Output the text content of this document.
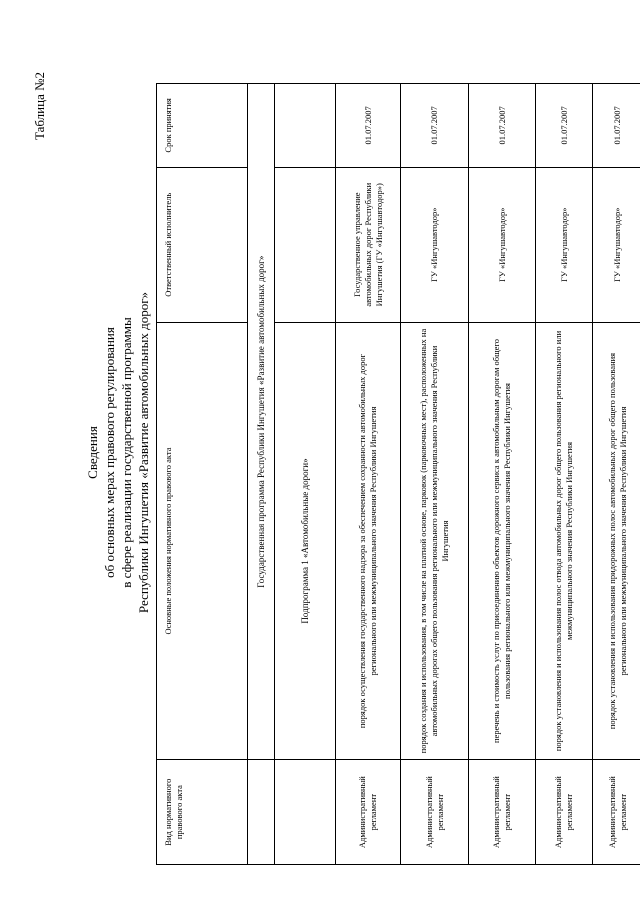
Таблица №2
Сведения об основных мерах правового регулирования в сфере реализации государственной программы Республики Ингушетия «Развитие автомобильных дорог»
Вид нормативного правового акта	Основные положения нормативного правового акта	Ответственный исполнитель	Срок принятия
	Государственная программа Республики Ингушетия «Развитие автомобильных дорог»		
	Подпрограмма 1 «Автомобильные дороги»		
Административный регламент	порядок осуществления государственного надзора за обеспечением сохранности автомобильных дорог регионального или межмуниципального значения Республики Ингушетия	Государственное управление автомобильных дорог Республики Ингушетия (ГУ «Ингушавтодор»)	01.07.2007
Административный регламент	порядок создания и использования, в том числе на платной основе, парковок (парковочных мест), расположенных на автомобильных дорогах общего пользования регионального или межмуниципального значения Республики Ингушетия	ГУ «Ингушавтодор»	01.07.2007
Административный регламент	перечень и стоимость услуг по присоединению объектов дорожного сервиса к автомобильным дорогам общего пользования регионального или межмуниципального значения Республики Ингушетия	ГУ «Ингушавтодор»	01.07.2007
Административный регламент	порядок установления и использования полос отвода автомобильных дорог общего пользования регионального или межмуниципального значения Республики Ингушетия	ГУ «Ингушавтодор»	01.07.2007
Административный регламент	порядок установления и использования придорожных полос автомобильных дорог общего пользования регионального или межмуниципального значения Республики Ингушетия	ГУ «Ингушавтодор»	01.07.2007
